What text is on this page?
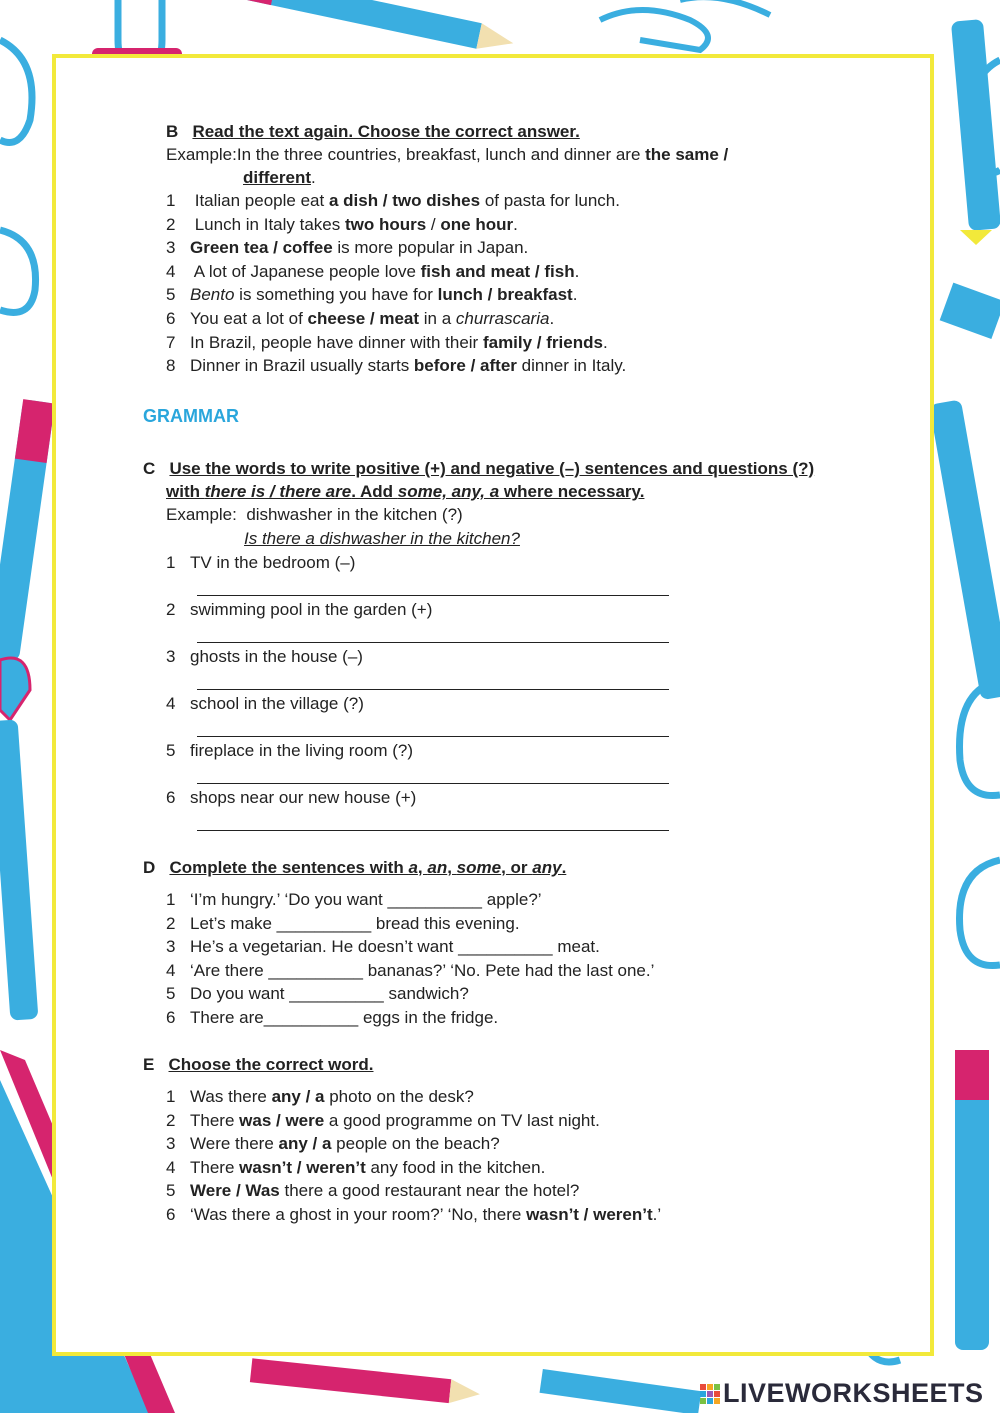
B Read the text again. Choose the correct answer.
Example:In the three countries, breakfast, lunch and dinner are the same /
different.
1 Italian people eat a dish / two dishes of pasta for lunch.
2 Lunch in Italy takes two hours / one hour.
3 Green tea / coffee is more popular in Japan.
4 A lot of Japanese people love fish and meat / fish.
5 Bento is something you have for lunch / breakfast.
6 You eat a lot of cheese / meat in a churrascaria.
7 In Brazil, people have dinner with their family / friends.
8 Dinner in Brazil usually starts before / after dinner in Italy.
GRAMMAR
C Use the words to write positive (+) and negative (–) sentences and questions (?)
with there is / there are. Add some, any, a where necessary.
Example: dishwasher in the kitchen (?)
Is there a dishwasher in the kitchen?
1 TV in the bedroom (–)
2 swimming pool in the garden (+)
3 ghosts in the house (–)
4 school in the village (?)
5 fireplace in the living room (?)
6 shops near our new house (+)
D Complete the sentences with a, an, some, or any.
1 ‘I’m hungry.’ ‘Do you want __________ apple?’
2 Let’s make __________ bread this evening.
3 He’s a vegetarian. He doesn’t want __________ meat.
4 ‘Are there __________ bananas?’ ‘No. Pete had the last one.’
5 Do you want __________ sandwich?
6 There are__________ eggs in the fridge.
E Choose the correct word.
1 Was there any / a photo on the desk?
2 There was / were a good programme on TV last night.
3 Were there any / a people on the beach?
4 There wasn’t / weren’t any food in the kitchen.
5 Were / Was there a good restaurant near the hotel?
6 ‘Was there a ghost in your room?’ ‘No, there wasn’t / weren’t.’
LIVEWORKSHEETS
